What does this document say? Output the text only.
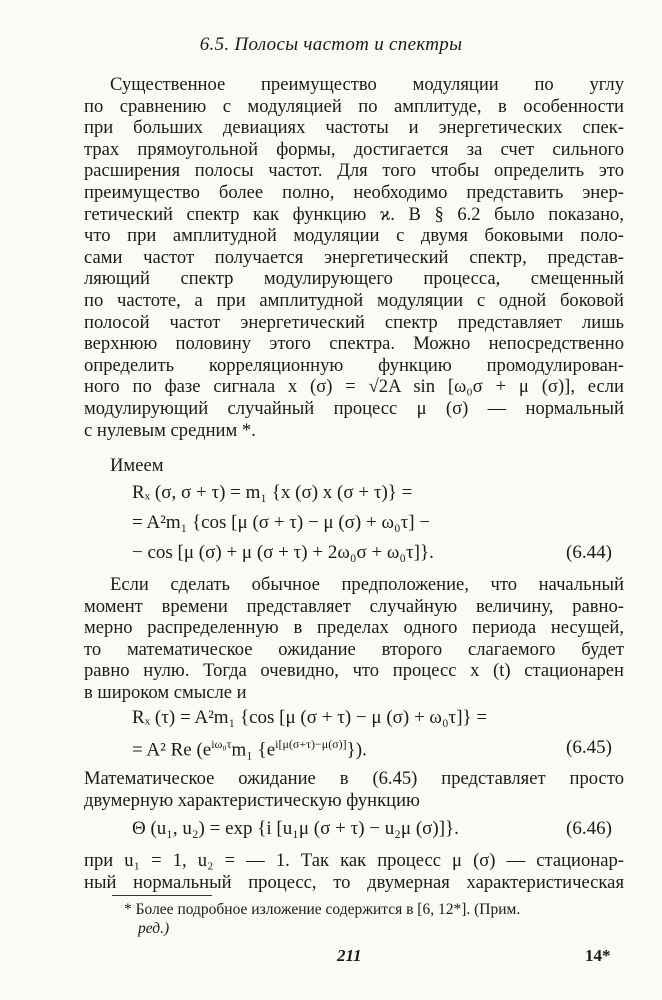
6.5. Полосы частот и спектры
Существенное преимущество модуляции по углу
по сравнению с модуляцией по амплитуде, в особенности
при больших девиациях частоты и энергетических спек-
трах прямоугольной формы, достигается за счет сильного
расширения полосы частот. Для того чтобы определить это
преимущество более полно, необходимо представить энер-
гетический спектр как функцию ϰ. В § 6.2 было показано,
что при амплитудной модуляции с двумя боковыми поло-
сами частот получается энергетический спектр, представ-
ляющий спектр модулирующего процесса, смещенный
по частоте, а при амплитудной модуляции с одной боковой
полосой частот энергетический спектр представляет лишь
верхнюю половину этого спектра. Можно непосредственно
определить корреляционную функцию промодулирован-
ного по фазе сигнала x (σ) = √2A sin [ω₀σ + μ (σ)], если
модулирующий случайный процесс μ (σ) — нормальный
с нулевым средним *.
Имеем
Rₓ (σ, σ + τ) = m₁ {x (σ) x (σ + τ)} =
= A²m₁ {cos [μ (σ + τ) − μ (σ) + ω₀τ] −
− cos [μ (σ) + μ (σ + τ) + 2ω₀σ + ω₀τ]}.	(6.44)
Если сделать обычное предположение, что начальный
момент времени представляет случайную величину, равно-
мерно распределенную в пределах одного периода несущей,
то математическое ожидание второго слагаемого будет
равно нулю. Тогда очевидно, что процесс x (t) стационарен
в широком смысле и
Rₓ (τ) = A²m₁ {cos [μ (σ + τ) − μ (σ) + ω₀τ]} =
= A² Re ($e^{i\omega_0\tau}m_1$ $\{e^{i[\mu(\sigma+\tau)-\mu(\sigma)]}\}$).	(6.45)
Математическое ожидание в (6.45) представляет просто
двумерную характеристическую функцию
Θ (u₁, u₂) = exp {i [u₁μ (σ + τ) − u₂μ (σ)]}.	(6.46)
при u₁ = 1, u₂ = — 1. Так как процесс μ (σ) — стационар-
ный нормальный процесс, то двумерная характеристическая
* Более подробное изложение содержится в [6, 12*]. (Прим.
ред.)
211	14*
